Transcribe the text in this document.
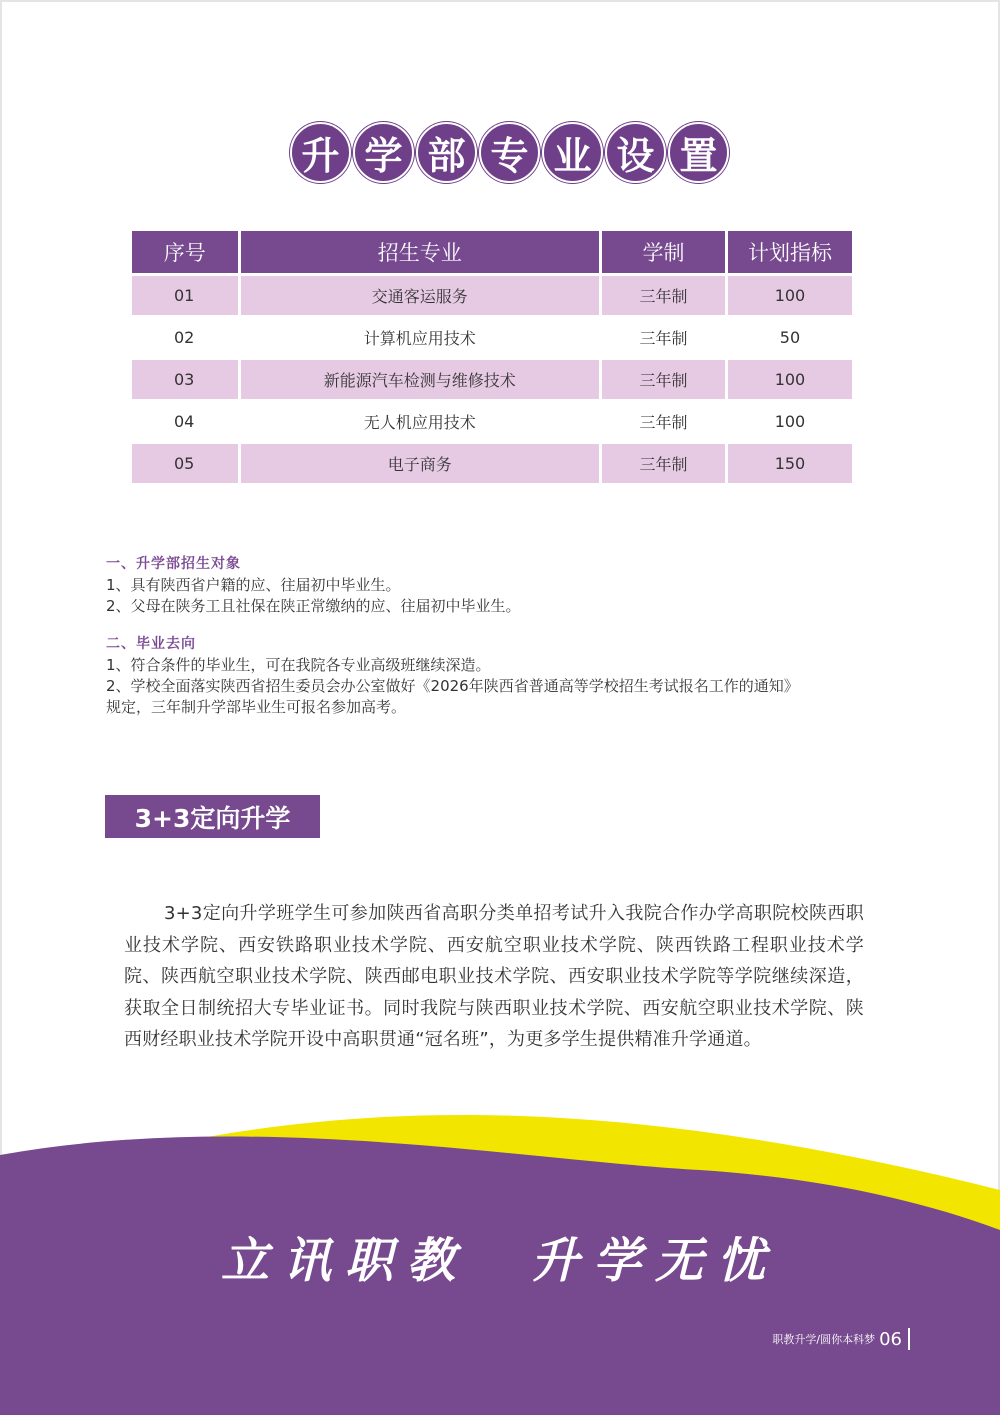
升 学 部 专 业 设 置
序号	招生专业	学制	计划指标
01	交通客运服务	三年制	100
02	计算机应用技术	三年制	50
03	新能源汽车检测与维修技术	三年制	100
04	无人机应用技术	三年制	100
05	电子商务	三年制	150

一、升学部招生对象

1、具有陕西省户籍的应、往届初中毕业生。

2、父母在陕务工且社保在陕正常缴纳的应、往届初中毕业生。

二、毕业去向

1、符合条件的毕业生，可在我院各专业高级班继续深造。

2、学校全面落实陕西省招生委员会办公室做好《2026年陕西省普通高等学校招生考试报名工作的通知》

规定，三年制升学部毕业生可报名参加高考。

3+3定向升学

3+3定向升学班学生可参加陕西省高职分类单招考试升入我院合作办学高职院校陕西职业技术学院、西安铁路职业技术学院、西安航空职业技术学院、陕西铁路工程职业技术学院、陕西航空职业技术学院、陕西邮电职业技术学院、西安职业技术学院等学院继续深造，获取全日制统招大专毕业证书。同时我院与陕西职业技术学院、西安航空职业技术学院、陕西财经职业技术学院开设中高职贯通“冠名班”，为更多学生提供精准升学通道。

立讯职教　升学无忧
职教升学/圆你本科梦 06
